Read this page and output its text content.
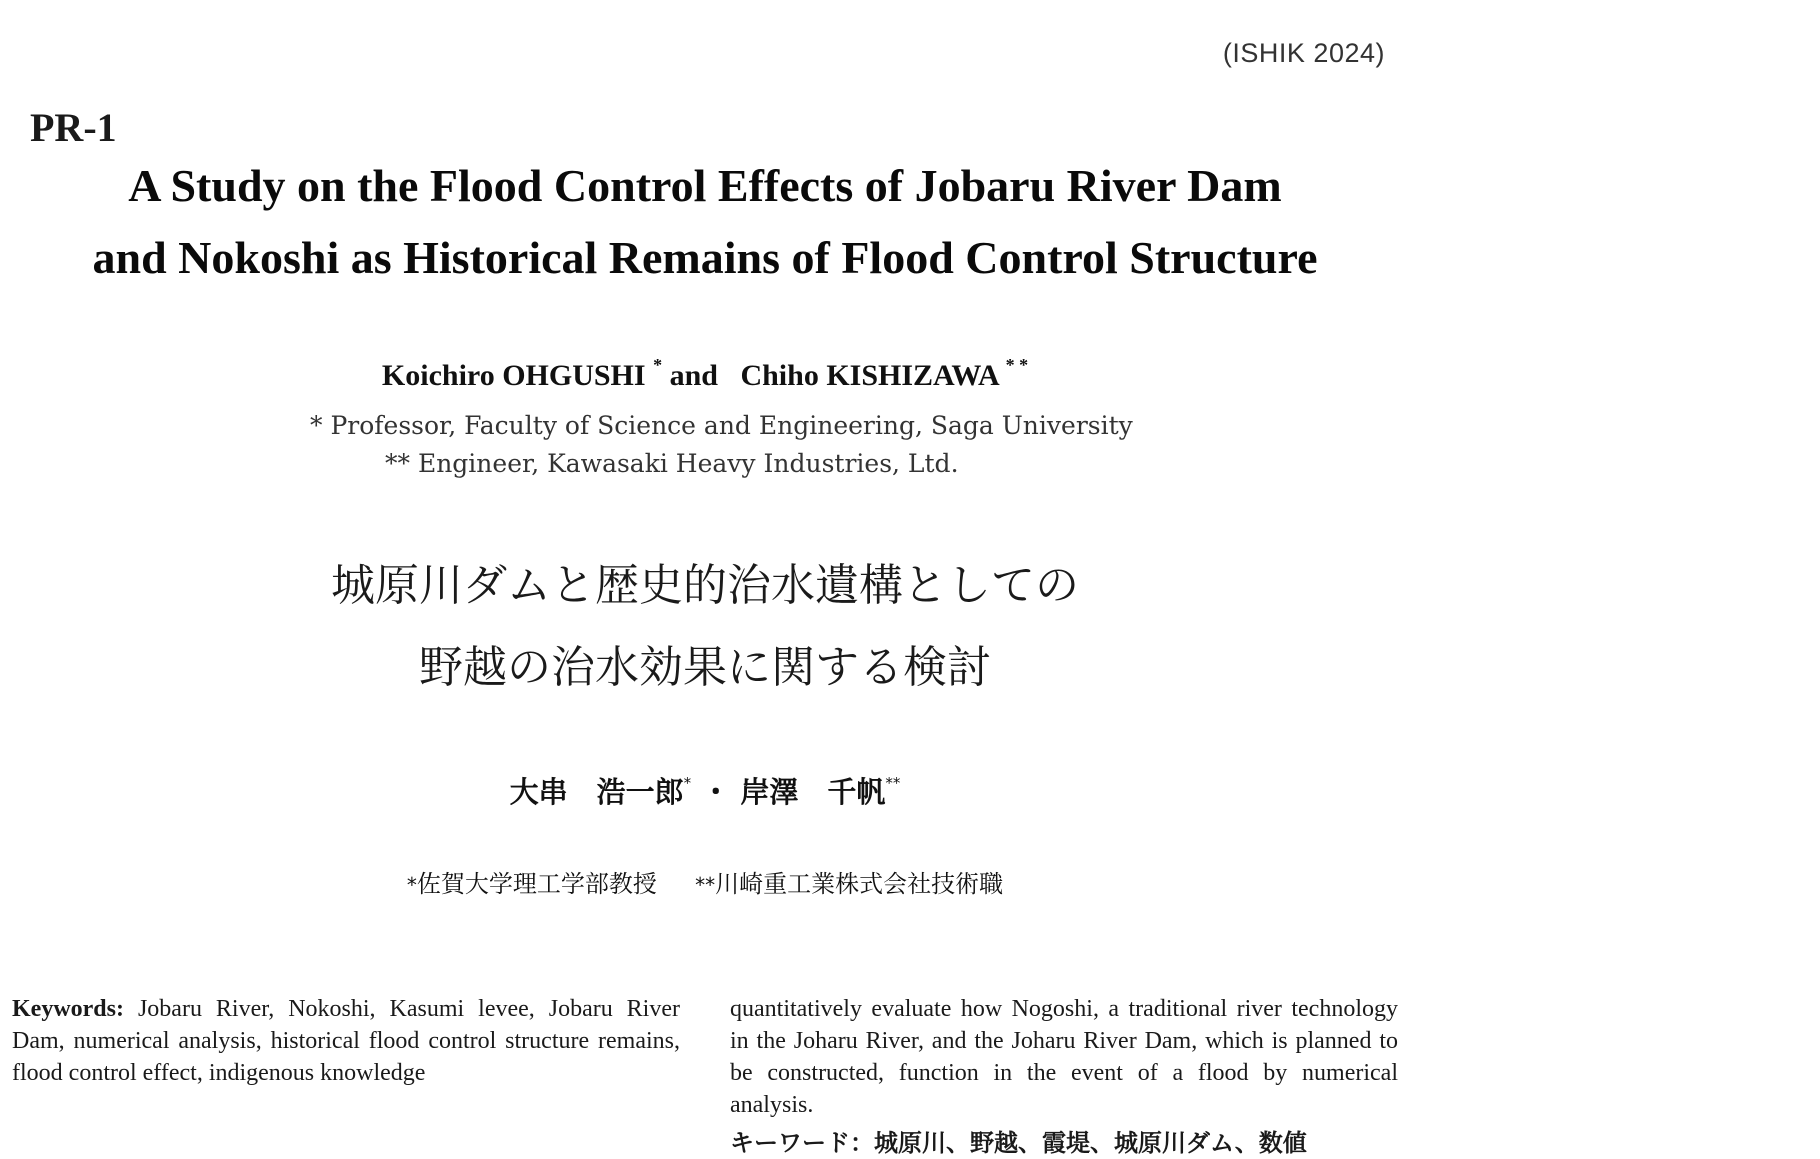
(ISHIK 2024)
PR-1
A Study on the Flood Control Effects of Jobaru River Dam
and Nokoshi as Historical Remains of Flood Control Structure
Koichiro OHGUSHI * and Chiho KISHIZAWA * *
* Professor, Faculty of Science and Engineering, Saga University
** Engineer, Kawasaki Heavy Industries, Ltd.
城原川ダムと歴史的治水遺構としての
野越の治水効果に関する検討
大串　浩一郎* ・ 岸澤　千帆**
*佐賀大学理工学部教授 **川崎重工業株式会社技術職
Keywords: Jobaru River, Nokoshi, Kasumi levee, Jobaru River Dam, numerical analysis, historical flood control structure remains, flood control effect, indigenous knowledge
quantitatively evaluate how Nogoshi, a traditional river technology in the Joharu River, and the Joharu River Dam, which is planned to be constructed, function in the event of a flood by numerical analysis.
キーワード：城原川、野越、霞堤、城原川ダム、数値
